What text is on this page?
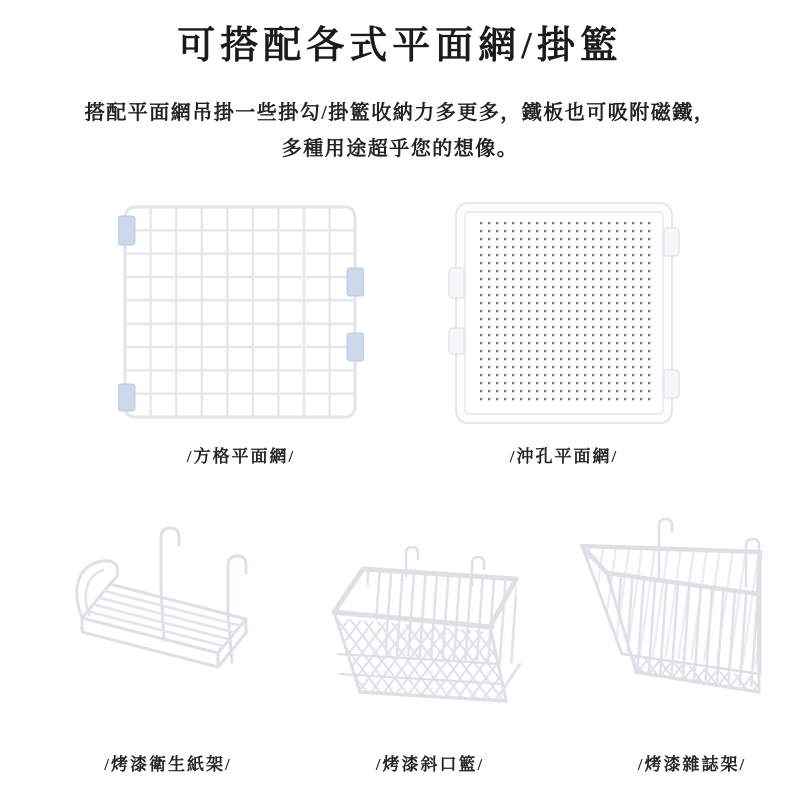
可搭配各式平面網/掛籃

搭配平面網吊掛一些掛勾/掛籃收納力多更多，鐵板也可吸附磁鐵，

多種用途超乎您的想像。

/方格平面網/	/沖孔平面網/

/烤漆衛生紙架/	/烤漆斜口籃/	/烤漆雜誌架/
